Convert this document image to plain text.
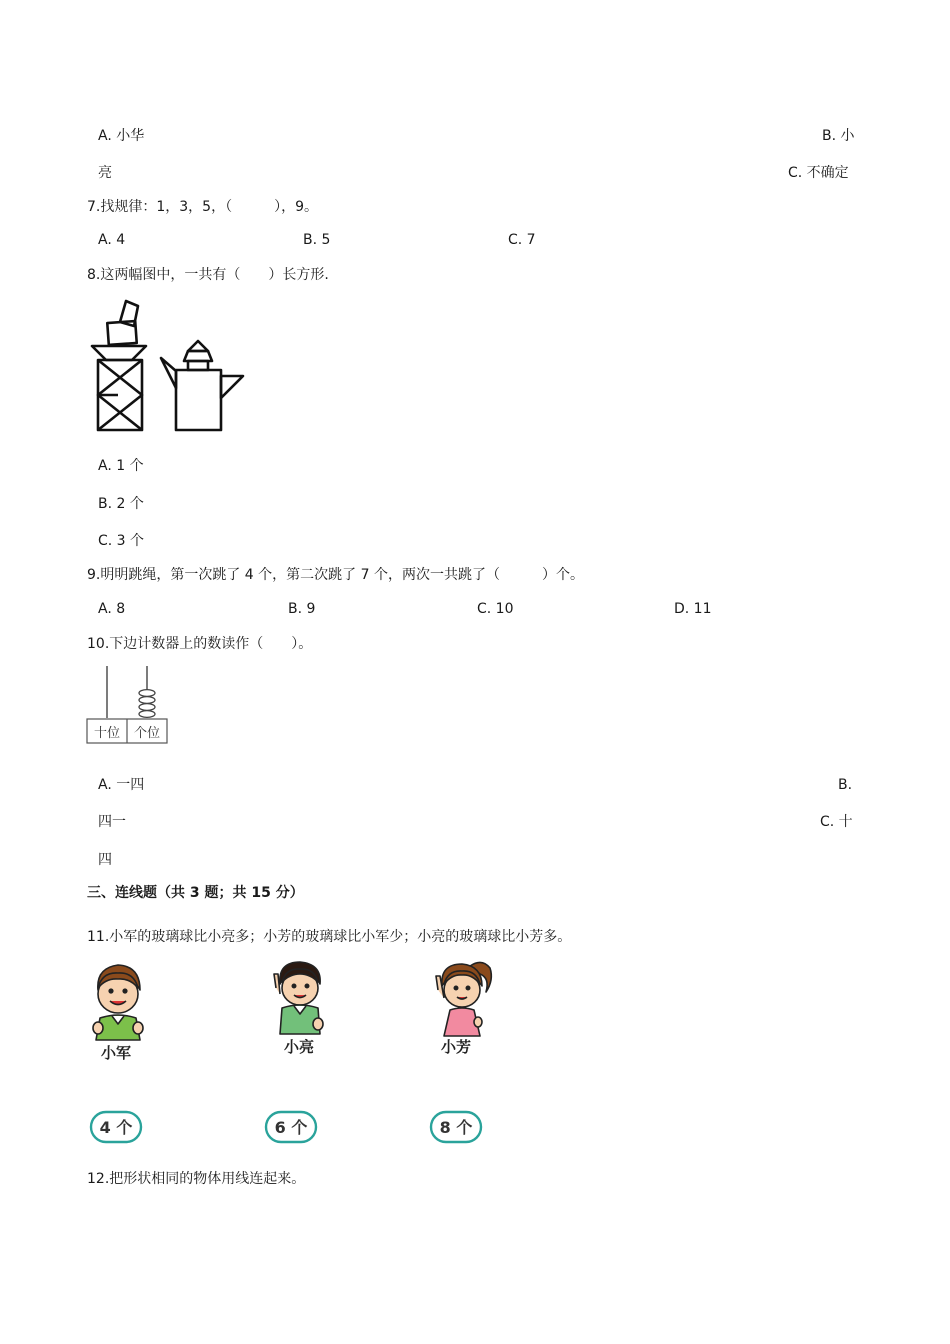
A. 小华	B. 小
亮	C. 不确定
7.找规律：1，3，5，（　　　），9。
A. 4	B. 5	C. 7
8.这两幅图中，一共有（　　）长方形.
A. 1 个
B. 2 个
C. 3 个
9.明明跳绳，第一次跳了 4 个，第二次跳了 7 个，两次一共跳了（　　　）个。
A. 8	B. 9	C. 10	D. 11
10.下边计数器上的数读作（　　）。
十位 个位
A. 一四	B.
四一	C. 十
四
三、连线题（共 3 题；共 15 分）
11.小军的玻璃球比小亮多；小芳的玻璃球比小军少；小亮的玻璃球比小芳多。
小军	小亮	小芳
4 个	6 个	8 个
12.把形状相同的物体用线连起来。
